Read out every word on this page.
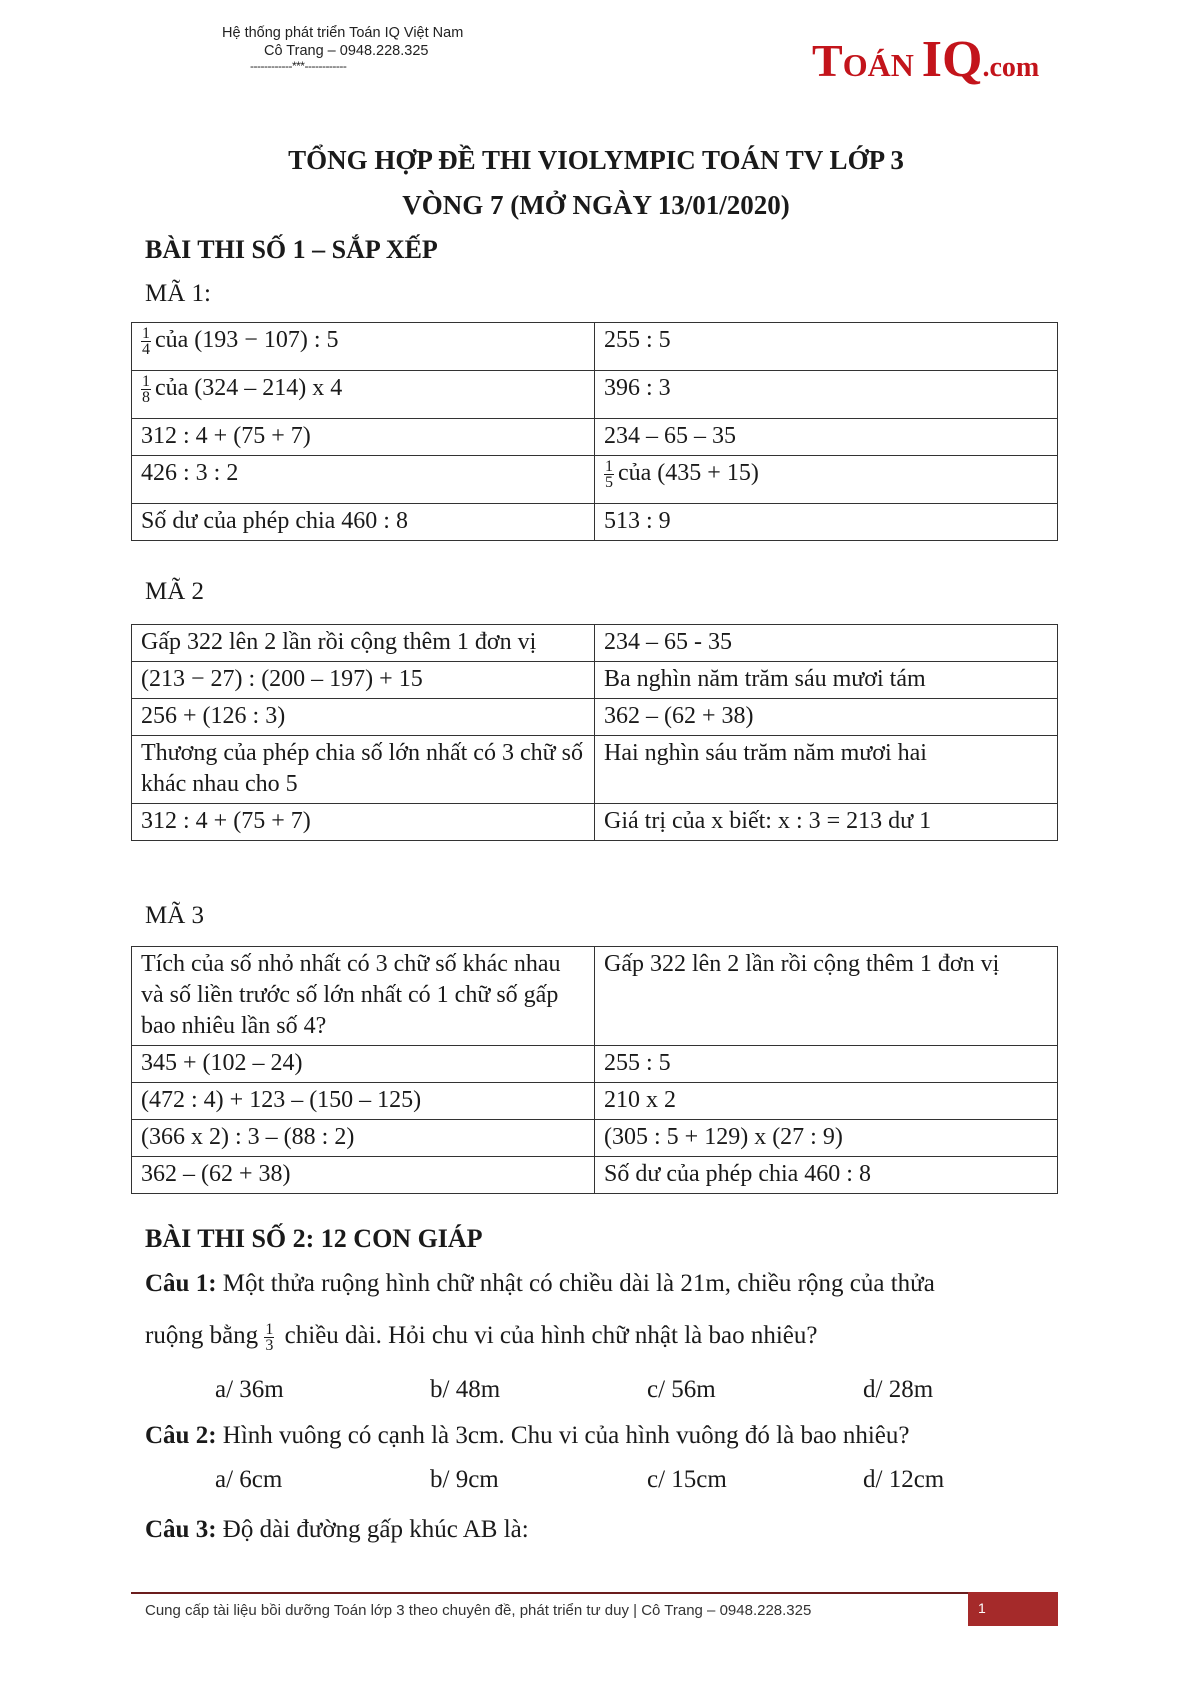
Hệ thống phát triển Toán IQ Việt Nam
Cô Trang – 0948.228.325
------------***------------	TOÁN IQ.com
TỔNG HỢP ĐỀ THI VIOLYMPIC TOÁN TV LỚP 3
VÒNG 7 (MỞ NGÀY 13/01/2020)
BÀI THI SỐ 1 – SẮP XẾP
MÃ 1:
$\frac{1}{4}$ của (193 − 107) : 5	255 : 5

$\frac{1}{8}$ của (324 – 214) x 4	396 : 3
312 : 4 + (75 + 7)	234 – 65 – 35
426 : 3 : 2	$\frac{1}{5}$ của (435 + 15)
Số dư của phép chia 460 : 8	513 : 9
MÃ 2
Gấp 322 lên 2 lần rồi cộng thêm 1 đơn vị	234 – 65 - 35
(213 − 27) : (200 – 197) + 15	Ba nghìn năm trăm sáu mươi tám
256 + (126 : 3)	362 – (62 + 38)
Thương của phép chia số lớn nhất có 3 chữ số khác nhau cho 5	Hai nghìn sáu trăm năm mươi hai
312 : 4 + (75 + 7)	Giá trị của x biết: x : 3 = 213 dư 1
MÃ 3
Tích của số nhỏ nhất có 3 chữ số khác nhau và số liền trước số lớn nhất có 1 chữ số gấp bao nhiêu lần số 4?	Gấp 322 lên 2 lần rồi cộng thêm 1 đơn vị
345 + (102 – 24)	255 : 5
(472 : 4) + 123 – (150 – 125)	210 x 2
(366 x 2) : 3 – (88 : 2)	(305 : 5 + 129) x (27 : 9)
362 – (62 + 38)	Số dư của phép chia 460 : 8
BÀI THI SỐ 2: 12 CON GIÁP
Câu 1: Một thửa ruộng hình chữ nhật có chiều dài là 21m, chiều rộng của thửa
ruộng bằng $\frac{1}{3}$ chiều dài. Hỏi chu vi của hình chữ nhật là bao nhiêu?
a/ 36m	b/ 48m	c/ 56m	d/ 28m
Câu 2: Hình vuông có cạnh là 3cm. Chu vi của hình vuông đó là bao nhiêu?
a/ 6cm	b/ 9cm	c/ 15cm	d/ 12cm
Câu 3: Độ dài đường gấp khúc AB là:
Cung cấp tài liệu bồi dưỡng Toán lớp 3 theo chuyên đề, phát triển tư duy | Cô Trang – 0948.228.325	1
